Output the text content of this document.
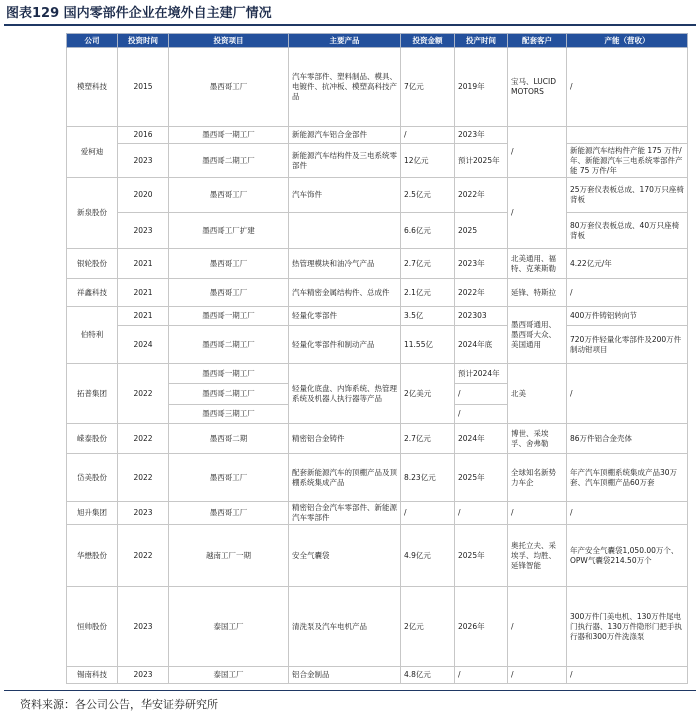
图表129 国内零部件企业在境外自主建厂情况
公司	投资时间	投资项目	主要产品	投资金额	投产时间	配套客户	产能（营收）
模塑科技	2015	墨西哥工厂	汽车零部件、塑料制品、模具、电镀件、抗冲板、模塑高科技产品	7亿元	2019年	宝马、LUCID MOTORS	/
爱柯迪	2016	墨西哥一期工厂	新能源汽车铝合金部件	/	2023年	/	
	2023	墨西哥二期工厂	新能源汽车结构件及三电系统零部件	12亿元	预计2025年		新能源汽车结构件产能 175 万件/年、新能源汽车三电系统零部件产能 75 万件/年
新泉股份	2020	墨西哥工厂	汽车饰件	2.5亿元	2022年	/	25万套仪表板总成、170万只座椅背板
	2023	墨西哥工厂扩建		6.6亿元	2025		80万套仪表板总成、40万只座椅背板
银轮股份	2021	墨西哥工厂	热管理模块和油冷气产品	2.7亿元	2023年	北美通用、福特、克莱斯勒	4.22亿元/年
祥鑫科技	2021	墨西哥工厂	汽车精密金属结构件、总成件	2.1亿元	2022年	延锋、特斯拉	/
伯特利	2021	墨西哥一期工厂	轻量化零部件	3.5亿	202303	墨西哥通用、墨西哥大众、美国通用	400万件铸铝转向节
	2024	墨西哥二期工厂	轻量化零部件和制动产品	11.55亿	2024年底		720万件轻量化零部件及200万件制动钳项目
拓普集团	2022	墨西哥一期工厂	轻量化底盘、内饰系统、热管理系统及机器人执行器等产品	2亿美元	预计2024年	北美	/
		墨西哥二期工厂			/		
		墨西哥三期工厂			/		
嵘泰股份	2022	墨西哥二期	精密铝合金铸件	2.7亿元	2024年	博世、采埃孚、舍弗勒	86万件铝合金壳体
岱美股份	2022	墨西哥工厂	配套新能源汽车的顶棚产品及顶棚系统集成产品	8.23亿元	2025年	全球知名新势力车企	年产汽车顶棚系统集成产品30万套、汽车顶棚产品60万套
旭升集团	2023	墨西哥工厂	精密铝合金汽车零部件、新能源汽车零部件	/	/	/	/
华懋股份	2022	越南工厂一期	安全气囊袋	4.9亿元	2025年	奥托立夫、采埃孚、均胜、延锋智能	年产安全气囊袋1,050.00万个、OPW气囊袋214.50万个
恒帅股份	2023	泰国工厂	清洗泵及汽车电机产品	2亿元	2026年	/	300万件门美电机、130万件尾电门执行器、130万件隐形门把手执行器和300万件洗涤泵
锡南科技	2023	泰国工厂	铝合金制品	4.8亿元	/	/	/
资料来源：各公司公告，华安证券研究所
